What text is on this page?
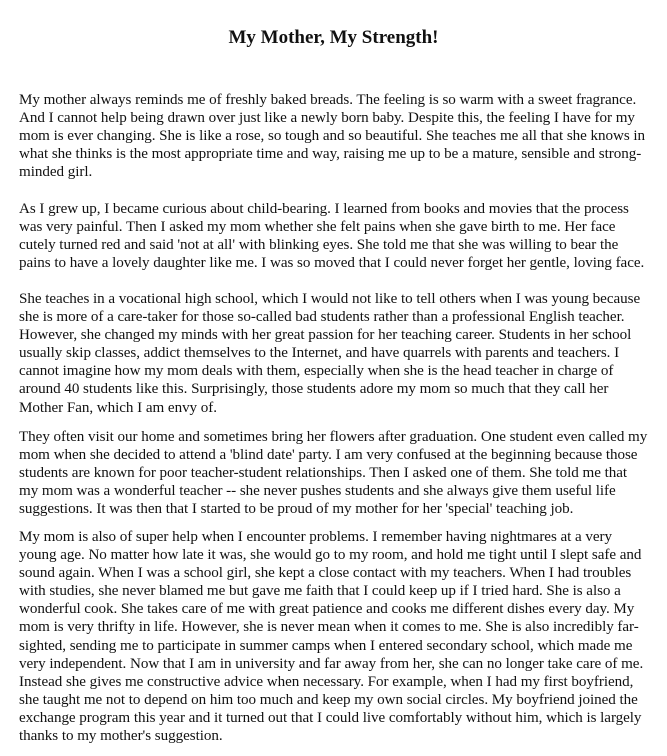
My Mother, My Strength!

My mother always reminds me of freshly baked breads. The feeling is so warm with a sweet fragrance. And I cannot help being drawn over just like a newly born baby. Despite this, the feeling I have for my mom is ever changing. She is like a rose, so tough and so beautiful. She teaches me all that she knows in what she thinks is the most appropriate time and way, raising me up to be a mature, sensible and strong-minded girl.

As I grew up, I became curious about child-bearing. I learned from books and movies that the process was very painful. Then I asked my mom whether she felt pains when she gave birth to me. Her face cutely turned red and said 'not at all' with blinking eyes. She told me that she was willing to bear the pains to have a lovely daughter like me. I was so moved that I could never forget her gentle, loving face.

She teaches in a vocational high school, which I would not like to tell others when I was young because she is more of a care-taker for those so-called bad students rather than a professional English teacher. However, she changed my minds with her great passion for her teaching career. Students in her school usually skip classes, addict themselves to the Internet, and have quarrels with parents and teachers. I cannot imagine how my mom deals with them, especially when she is the head teacher in charge of around 40 students like this. Surprisingly, those students adore my mom so much that they call her Mother Fan, which I am envy of.

They often visit our home and sometimes bring her flowers after graduation. One student even called my mom when she decided to attend a 'blind date' party. I am very confused at the beginning because those students are known for poor teacher-student relationships. Then I asked one of them. She told me that my mom was a wonderful teacher -- she never pushes students and she always give them useful life suggestions. It was then that I started to be proud of my mother for her 'special' teaching job.

My mom is also of super help when I encounter problems. I remember having nightmares at a very young age. No matter how late it was, she would go to my room, and hold me tight until I slept safe and sound again. When I was a school girl, she kept a close contact with my teachers. When I had troubles with studies, she never blamed me but gave me faith that I could keep up if I tried hard. She is also a wonderful cook. She takes care of me with great patience and cooks me different dishes every day. My mom is very thrifty in life. However, she is never mean when it comes to me. She is also incredibly far-sighted, sending me to participate in summer camps when I entered secondary school, which made me very independent. Now that I am in university and far away from her, she can no longer take care of me. Instead she gives me constructive advice when necessary. For example, when I had my first boyfriend, she taught me not to depend on him too much and keep my own social circles. My boyfriend joined the exchange program this year and it turned out that I could live comfortably without him, which is largely thanks to my mother's suggestion.
